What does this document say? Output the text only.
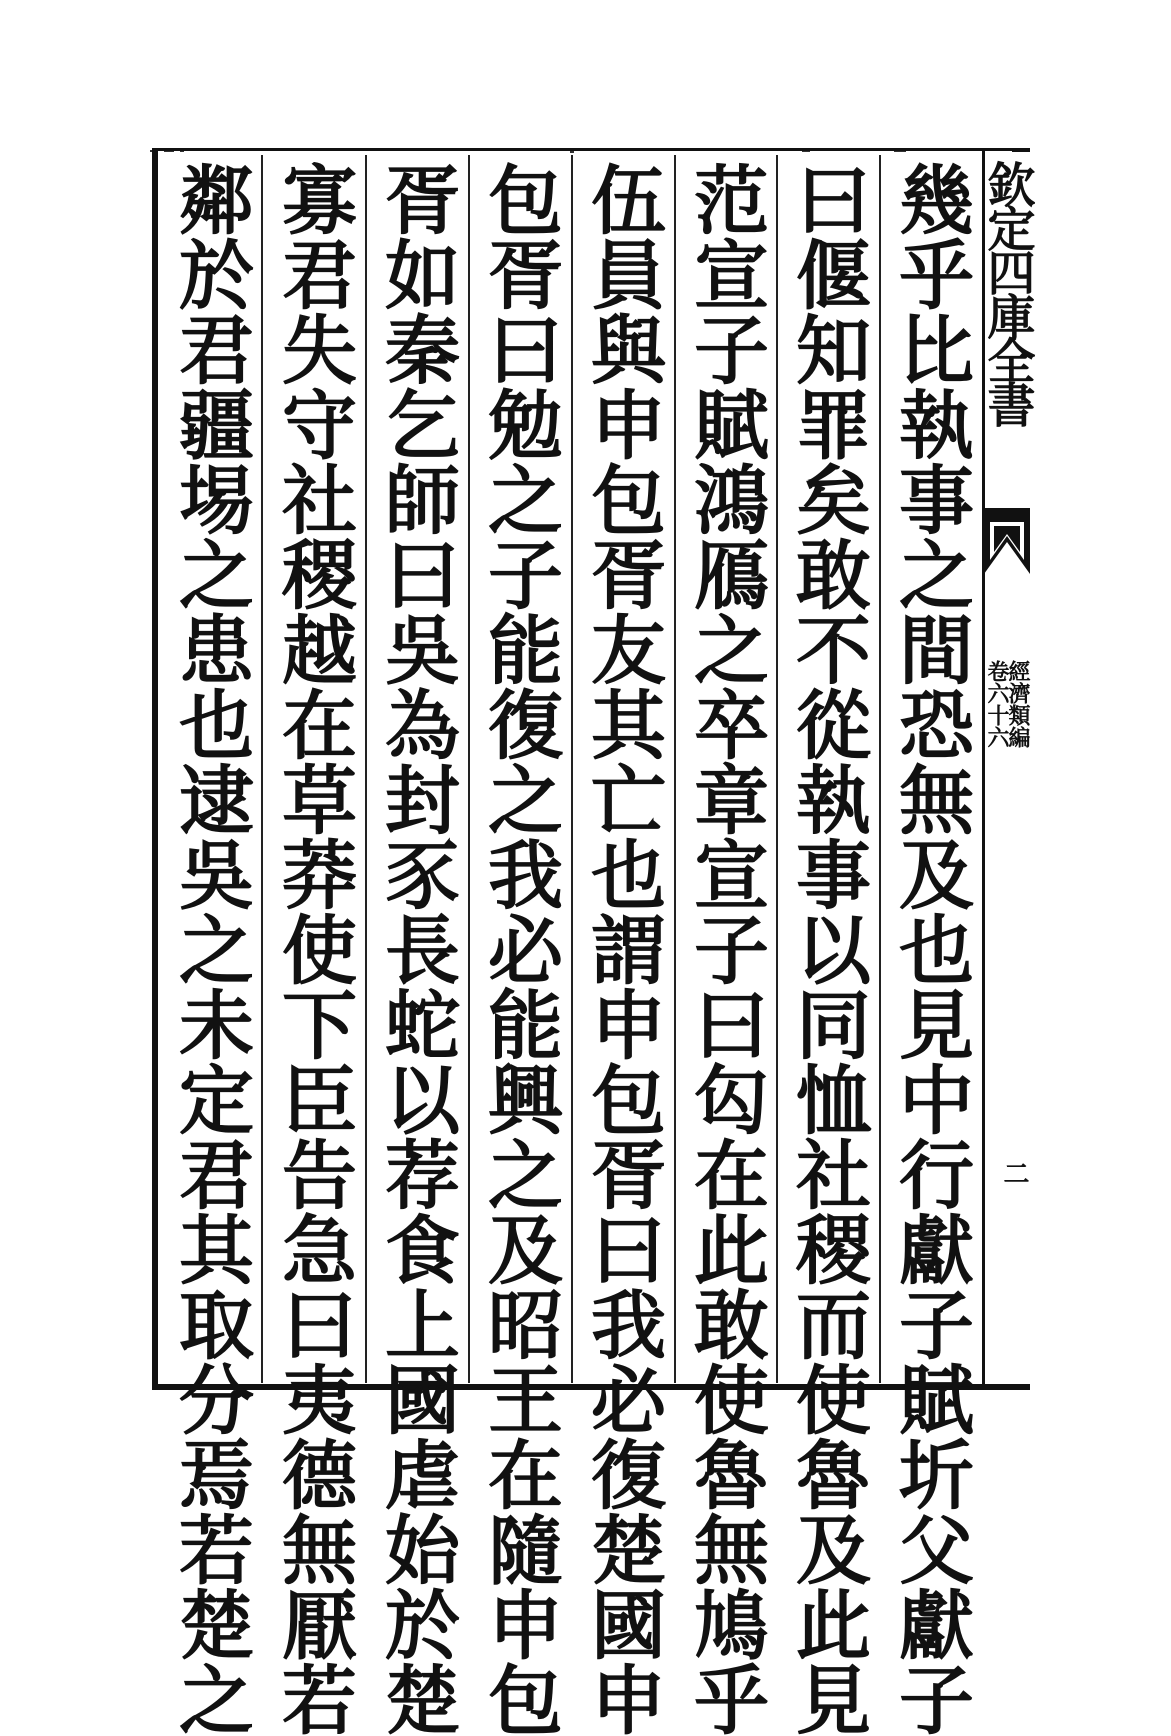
幾乎比執事之間恐無及也見中行獻子賦圻父獻子
曰偃知罪矣敢不從執事以同恤社稷而使魯及此見
范宣子賦鴻鴈之卒章宣子曰匃在此敢使魯無鳩乎
伍員與申包胥友其亡也謂申包胥曰我必復楚國申
包胥曰勉之子能復之我必能興之及昭王在隨申包
胥如秦乞師曰吳為封豕長蛇以荐食上國虐始於楚
寡君失守社稷越在草莽使下臣告急曰夷德無厭若
鄰於君疆埸之患也逮吳之未定君其取分焉若楚之	欽定四庫全書
經濟類編
卷六十六
二
